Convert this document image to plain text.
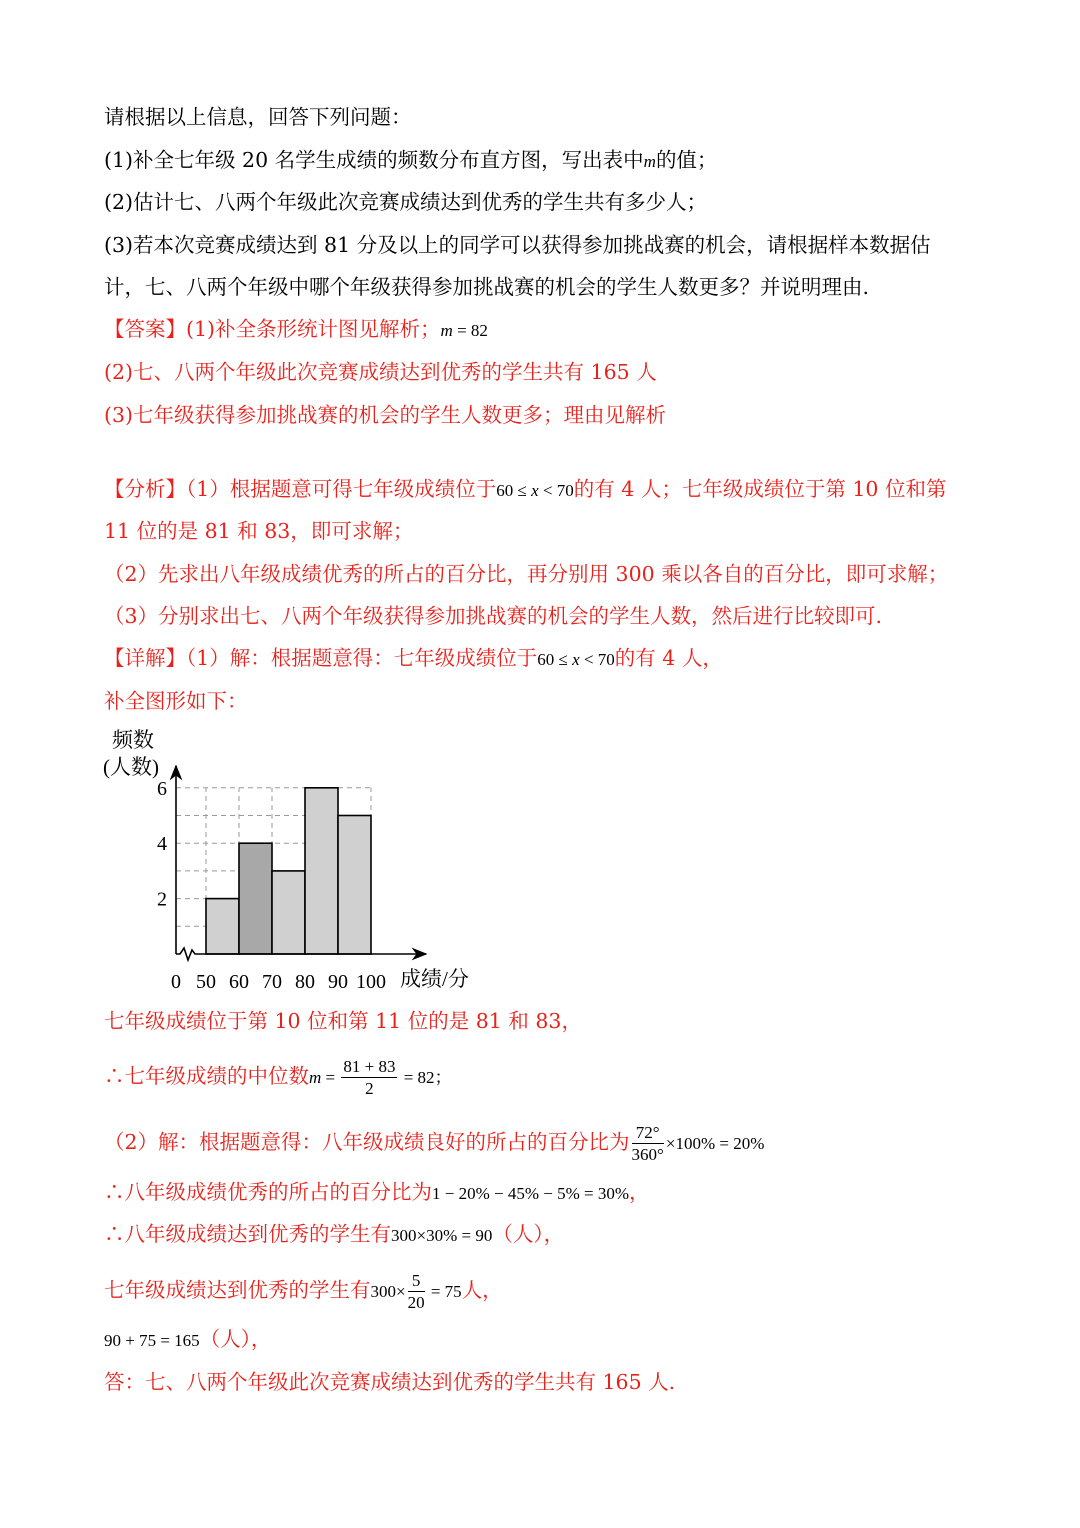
请根据以上信息，回答下列问题：
(1)补全七年级 20 名学生成绩的频数分布直方图，写出表中m的值；
(2)估计七、八两个年级此次竞赛成绩达到优秀的学生共有多少人；
(3)若本次竞赛成绩达到 81 分及以上的同学可以获得参加挑战赛的机会，请根据样本数据估
计，七、八两个年级中哪个年级获得参加挑战赛的机会的学生人数更多？并说明理由.
【答案】(1)补全条形统计图见解析；m = 82
(2)七、八两个年级此次竞赛成绩达到优秀的学生共有 165 人
(3)七年级获得参加挑战赛的机会的学生人数更多；理由见解析
【分析】（1）根据题意可得七年级成绩位于60 ≤ x < 70的有 4 人；七年级成绩位于第 10 位和第
11 位的是 81 和 83，即可求解；
（2）先求出八年级成绩优秀的所占的百分比，再分别用 300 乘以各自的百分比，即可求解；
（3）分别求出七、八两个年级获得参加挑战赛的机会的学生人数，然后进行比较即可.
【详解】（1）解：根据题意得：七年级成绩位于60 ≤ x < 70的有 4 人，
补全图形如下：
频数
(人数)
成绩/分
2
4
6
0 50 60 70 80 90 100
七年级成绩位于第 10 位和第 11 位的是 81 和 83，
∴七年级成绩的中位数$m = \frac{81 + 83}{2} = 82$；
（2）解：根据题意得：八年级成绩良好的所占的百分比为 $\frac{72^\circ}{360^\circ} \times 100\% = 20\%$
∴八年级成绩优秀的所占的百分比为1 − 20% − 45% − 5% = 30%，
∴八年级成绩达到优秀的学生有300×30% = 90（人），
七年级成绩达到优秀的学生有$300\times \frac{5}{20} = 75$人，
90 + 75 = 165（人），
答：七、八两个年级此次竞赛成绩达到优秀的学生共有 165 人.
